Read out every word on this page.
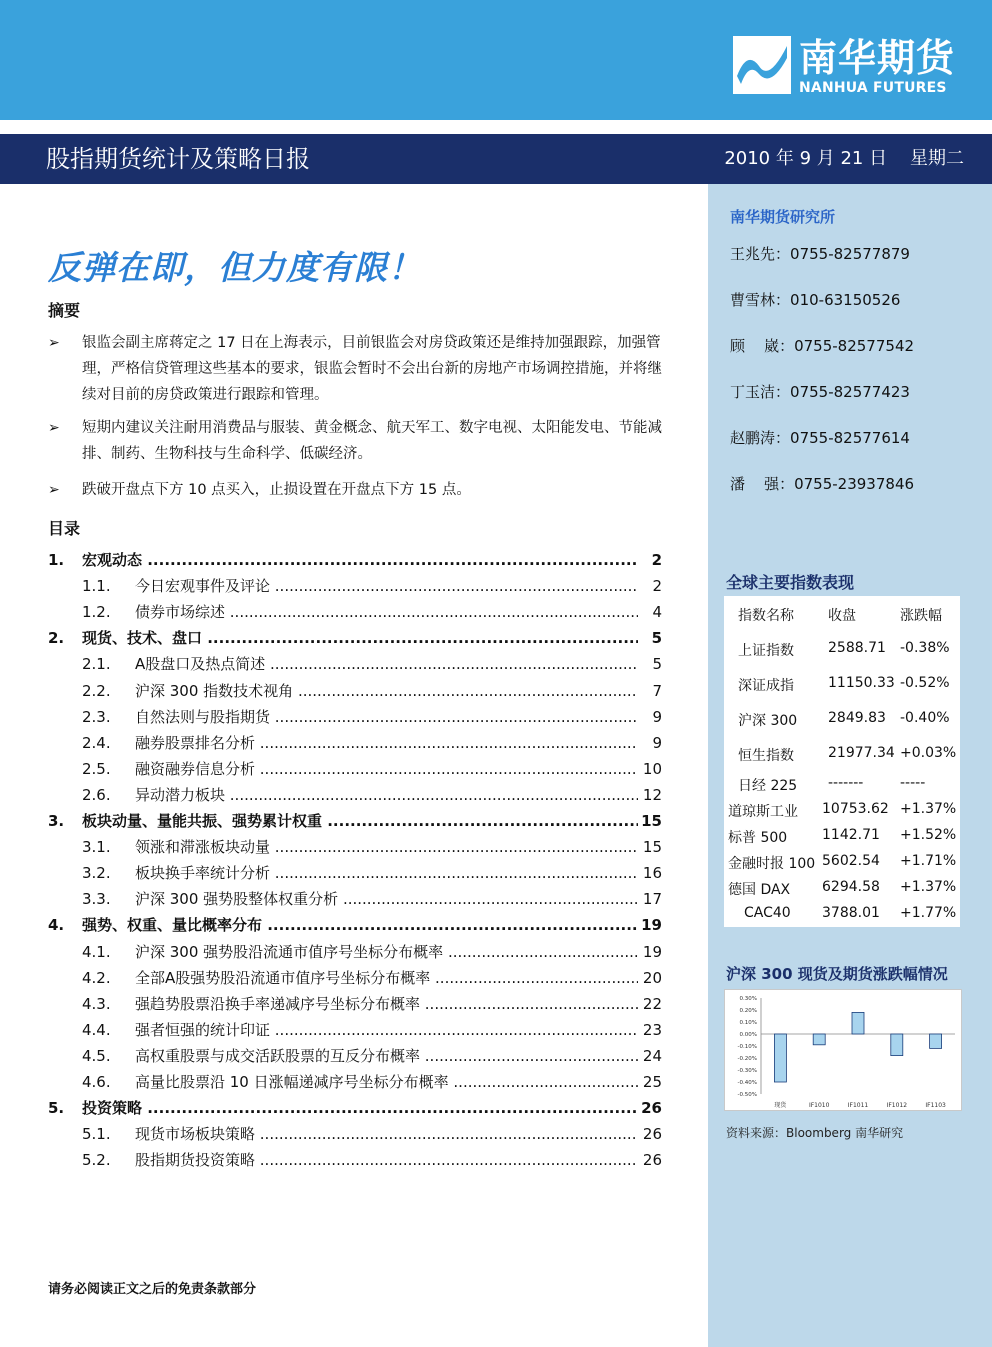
南华期货
NANHUA FUTURES
股指期货统计及策略日报	2010 年 9 月 21 日    星期二
南华期货研究所
王兆先：0755-82577879
曹雪林：010-63150526
顾    崴：0755-82577542
丁玉洁：0755-82577423
赵鹏涛：0755-82577614
潘    强：0755-23937846
全球主要指数表现
指数名称 收盘	涨跌幅
上证指数 2588.71 -0.38%
深证成指 11150.33 -0.52%
沪深 300 2849.83 -0.40%
恒生指数 21977.34 +0.03%
日经 225 -------	-----
道琼斯工业 10753.62 +1.37%
标普 500 1142.71 +1.52%
金融时报 100 5602.54 +1.71%
德国 DAX 6294.58 +1.37%
CAC40 3788.01 +1.77%
沪深 300 现货及期货涨跌幅情况
0.30%
0.20%
0.10%
0.00%
-0.10%
-0.20%
-0.30%
-0.40%
-0.50%
现货	IF1010	IF1011	IF1012	IF1103
资料来源：Bloomberg 南华研究
反弹在即，但力度有限！
摘要
➢ 银监会副主席蒋定之 17 日在上海表示，目前银监会对房贷政策还是维持加强跟踪，加强管理，严格信贷管理这些基本的要求，银监会暂时不会出台新的房地产市场调控措施，并将继续对目前的房贷政策进行跟踪和管理。
➢ 短期内建议关注耐用消费品与服装、黄金概念、航天军工、数字电视、太阳能发电、节能减排、制药、生物科技与生命科学、低碳经济。
➢ 跌破开盘点下方 10 点买入，止损设置在开盘点下方 15 点。
目录
1. 宏观动态 .....	2
1.1. 今日宏观事件及评论 .....	2
1.2. 债券市场综述 .....	4
2. 现货、技术、盘口 .....	5
2.1. A股盘口及热点简述 .....	5
2.2. 沪深 300 指数技术视角 .....	7
2.3. 自然法则与股指期货 .....	9
2.4. 融券股票排名分析 .....	9
2.5. 融资融券信息分析 .....	10
2.6. 异动潜力板块 .....	12
3. 板块动量、量能共振、强势累计权重 .....	15
3.1. 领涨和滞涨板块动量 .....	15
3.2. 板块换手率统计分析 .....	16
3.3. 沪深 300 强势股整体权重分析 .....	17
4. 强势、权重、量比概率分布 .....	19
4.1. 沪深 300 强势股沿流通市值序号坐标分布概率 .....	19
4.2. 全部A股强势股沿流通市值序号坐标分布概率 .....	20
4.3. 强趋势股票沿换手率递减序号坐标分布概率 .....	22
4.4. 强者恒强的统计印证 .....	23
4.5. 高权重股票与成交活跃股票的互反分布概率 .....	24
4.6. 高量比股票沿 10 日涨幅递减序号坐标分布概率 .....	25
5. 投资策略 .....	26
5.1. 现货市场板块策略 .....	26
5.2. 股指期货投资策略 .....	26
请务必阅读正文之后的免责条款部分
